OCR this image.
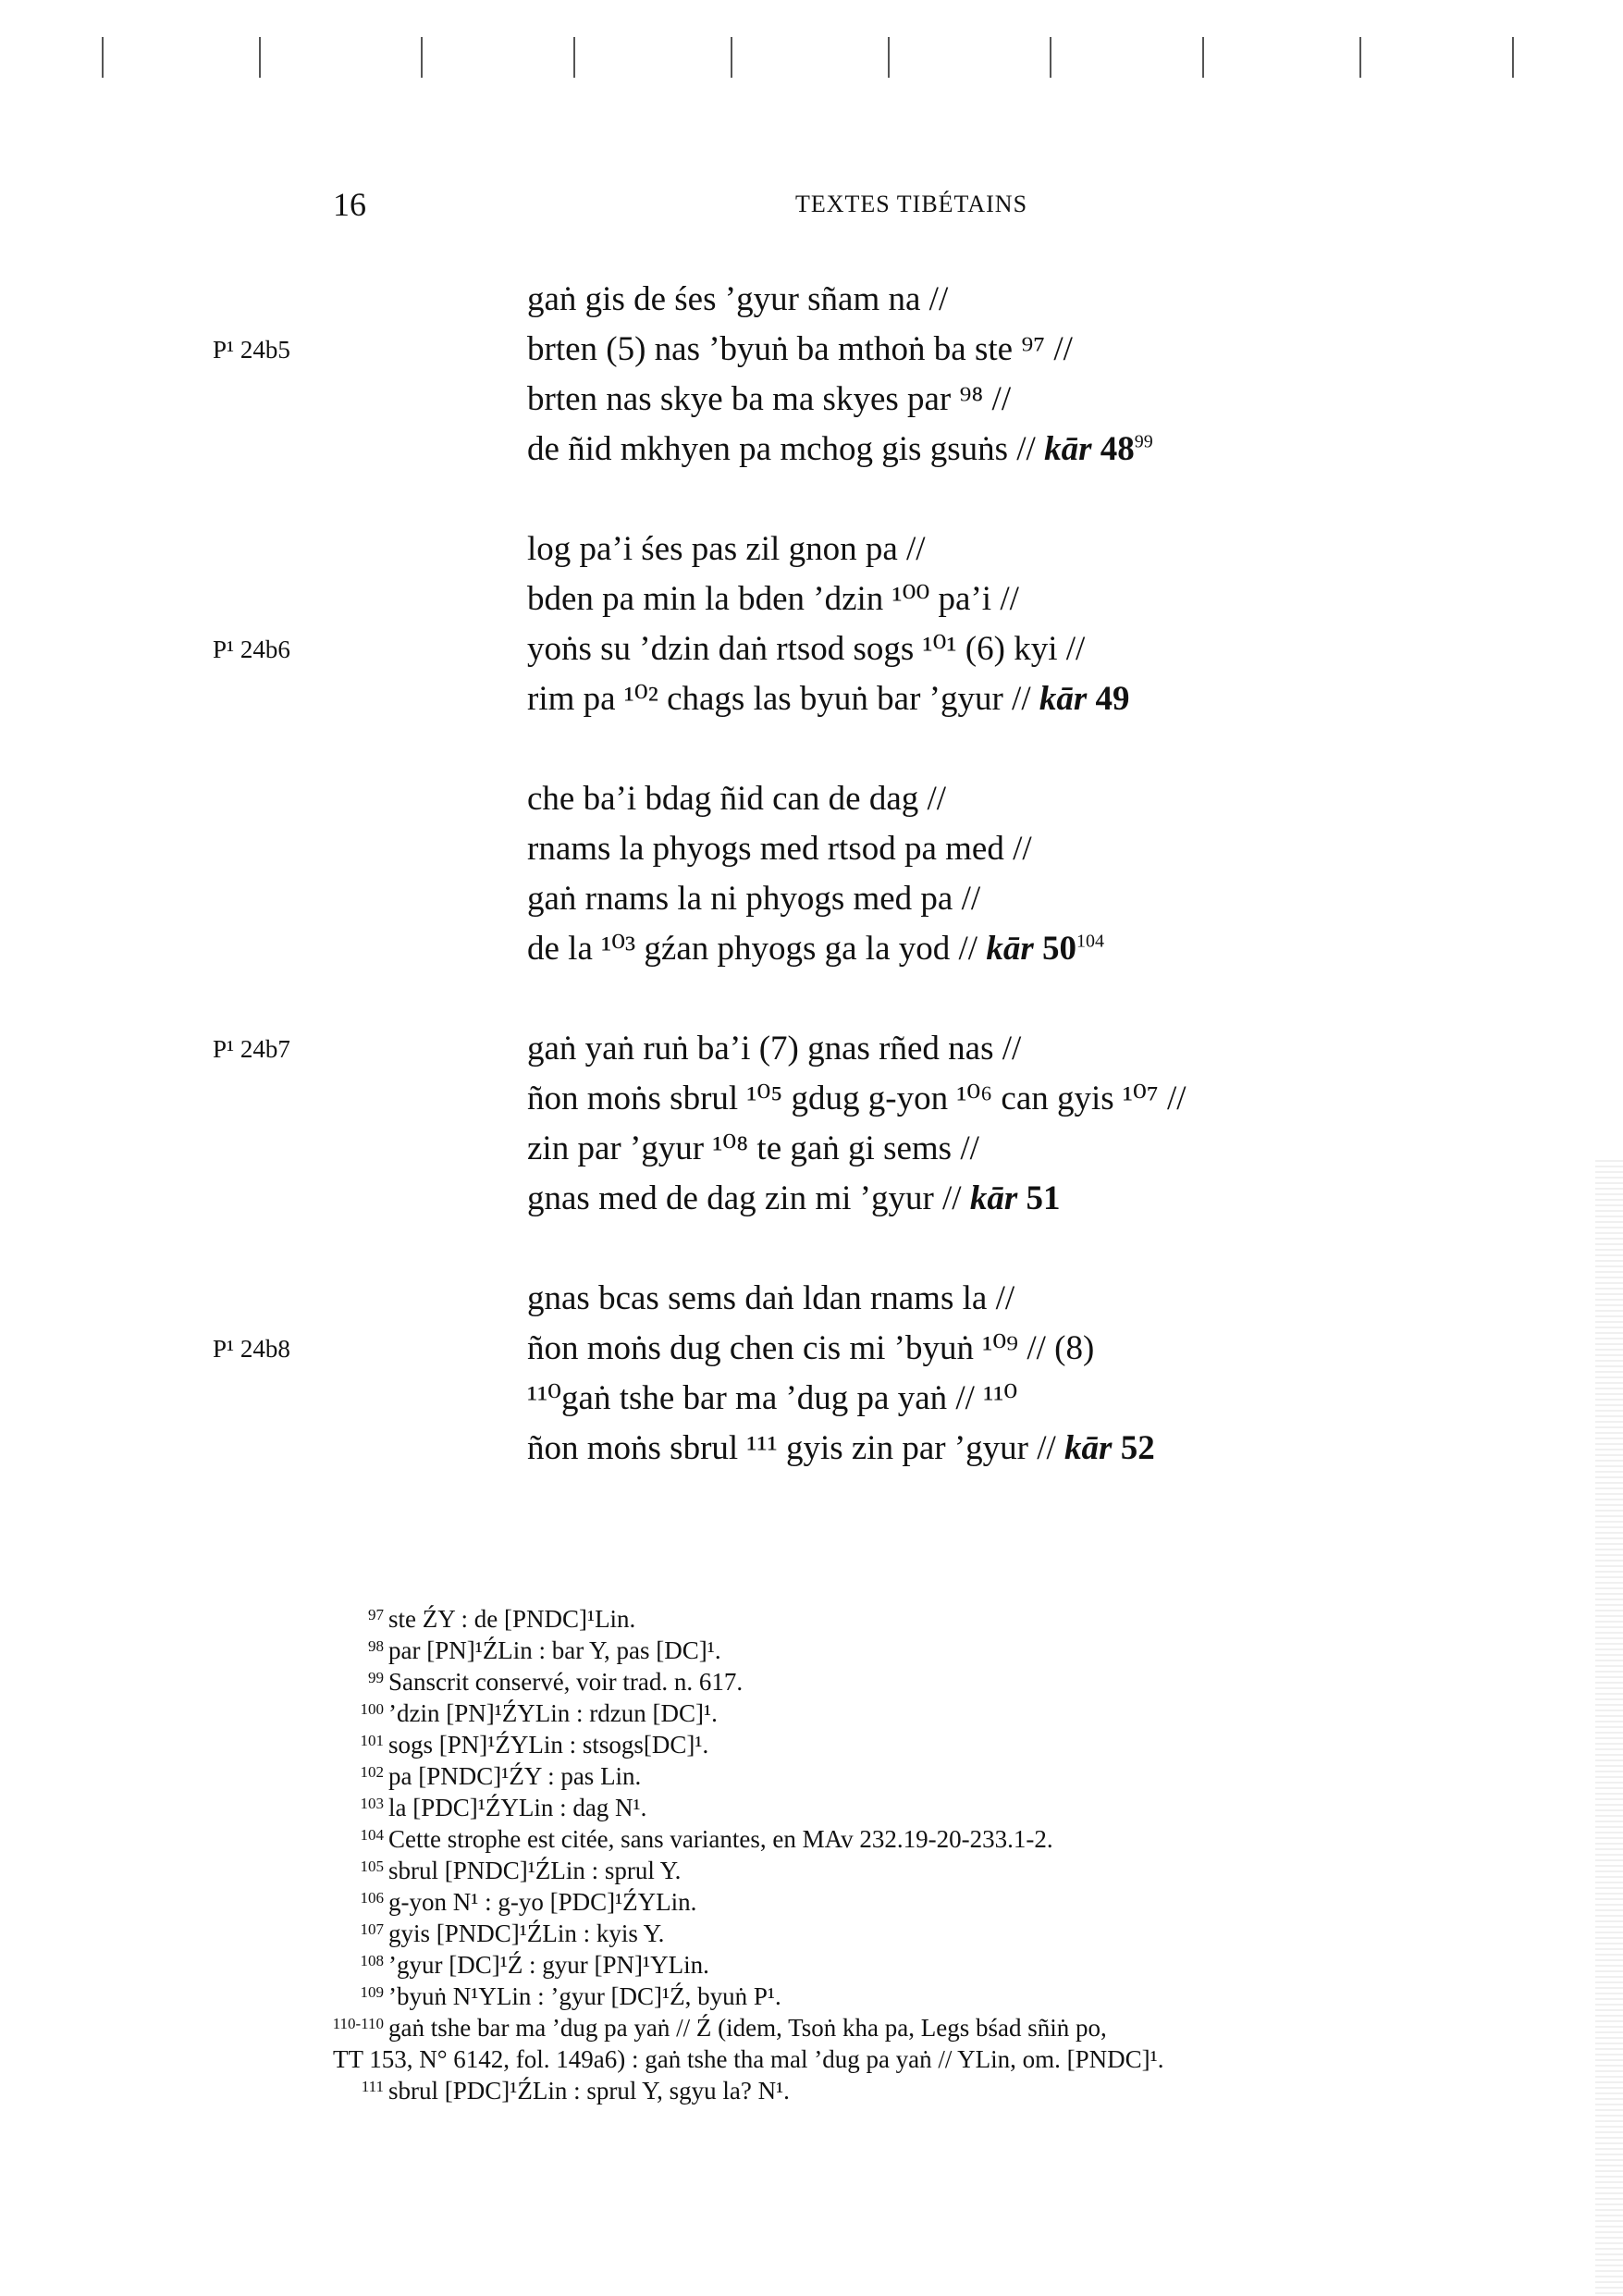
16	TEXTES TIBÉTAINS
P¹ 24b5
gaṅ gis de śes ’gyur sñam na //
brten (5) nas ’byuṅ ba mthoṅ ba ste ⁹⁷ //
brten nas skye ba ma skyes par ⁹⁸ //
de ñid mkhyen pa mchog gis gsuṅs // kār $48^{99}$
P¹ 24b6
log pa’i śes pas zil gnon pa //
bden pa min la bden ’dzin ¹⁰⁰ pa’i //
yoṅs su ’dzin daṅ rtsod sogs ¹⁰¹ (6) kyi //
rim pa ¹⁰² chags las byuṅ bar ’gyur // kār 49
che ba’i bdag ñid can de dag //
rnams la phyogs med rtsod pa med //
gaṅ rnams la ni phyogs med pa //
de la ¹⁰³ gźan phyogs ga la yod // kār $50^{104}$
P¹ 24b7	gaṅ yaṅ ruṅ ba’i (7) gnas rñed nas //
ñon moṅs sbrul ¹⁰⁵ gdug g-yon ¹⁰⁶ can gyis ¹⁰⁷ //
zin par ’gyur ¹⁰⁸ te gaṅ gi sems //
gnas med de dag zin mi ’gyur // kār 51
P¹ 24b8
gnas bcas sems daṅ ldan rnams la //
ñon moṅs dug chen cis mi ’byuṅ ¹⁰⁹ // (8)
¹¹⁰gaṅ tshe bar ma ’dug pa yaṅ // ¹¹⁰
ñon moṅs sbrul ¹¹¹ gyis zin par ’gyur // kār 52
97 ste ŹY : de [PNDC]¹Lin.
98 par [PN]¹ŹLin : bar Y, pas [DC]¹.
99 Sanscrit conservé, voir trad. n. 617.
100 ’dzin [PN]¹ŹYLin : rdzun [DC]¹.
101 sogs [PN]¹ŹYLin : stsogs[DC]¹.
102 pa [PNDC]¹ŹY : pas Lin.
103 la [PDC]¹ŹYLin : dag N¹.
104 Cette strophe est citée, sans variantes, en MAv 232.19-20-233.1-2.
105 sbrul [PNDC]¹ŹLin : sprul Y.
106 g-yon N¹ : g-yo [PDC]¹ŹYLin.
107 gyis [PNDC]¹ŹLin : kyis Y.
108 ’gyur [DC]¹Ź : gyur [PN]¹YLin.
109 ’byuṅ N¹YLin : ’gyur [DC]¹Ź, byuṅ P¹.
110-110 gaṅ tshe bar ma ’dug pa yaṅ // Ź (idem, Tsoṅ kha pa, Legs bśad sñiṅ po,
TT 153, N° 6142, fol. 149a6) : gaṅ tshe tha mal ’dug pa yaṅ // YLin, om. [PNDC]¹.
111 sbrul [PDC]¹ŹLin : sprul Y, sgyu la? N¹.
